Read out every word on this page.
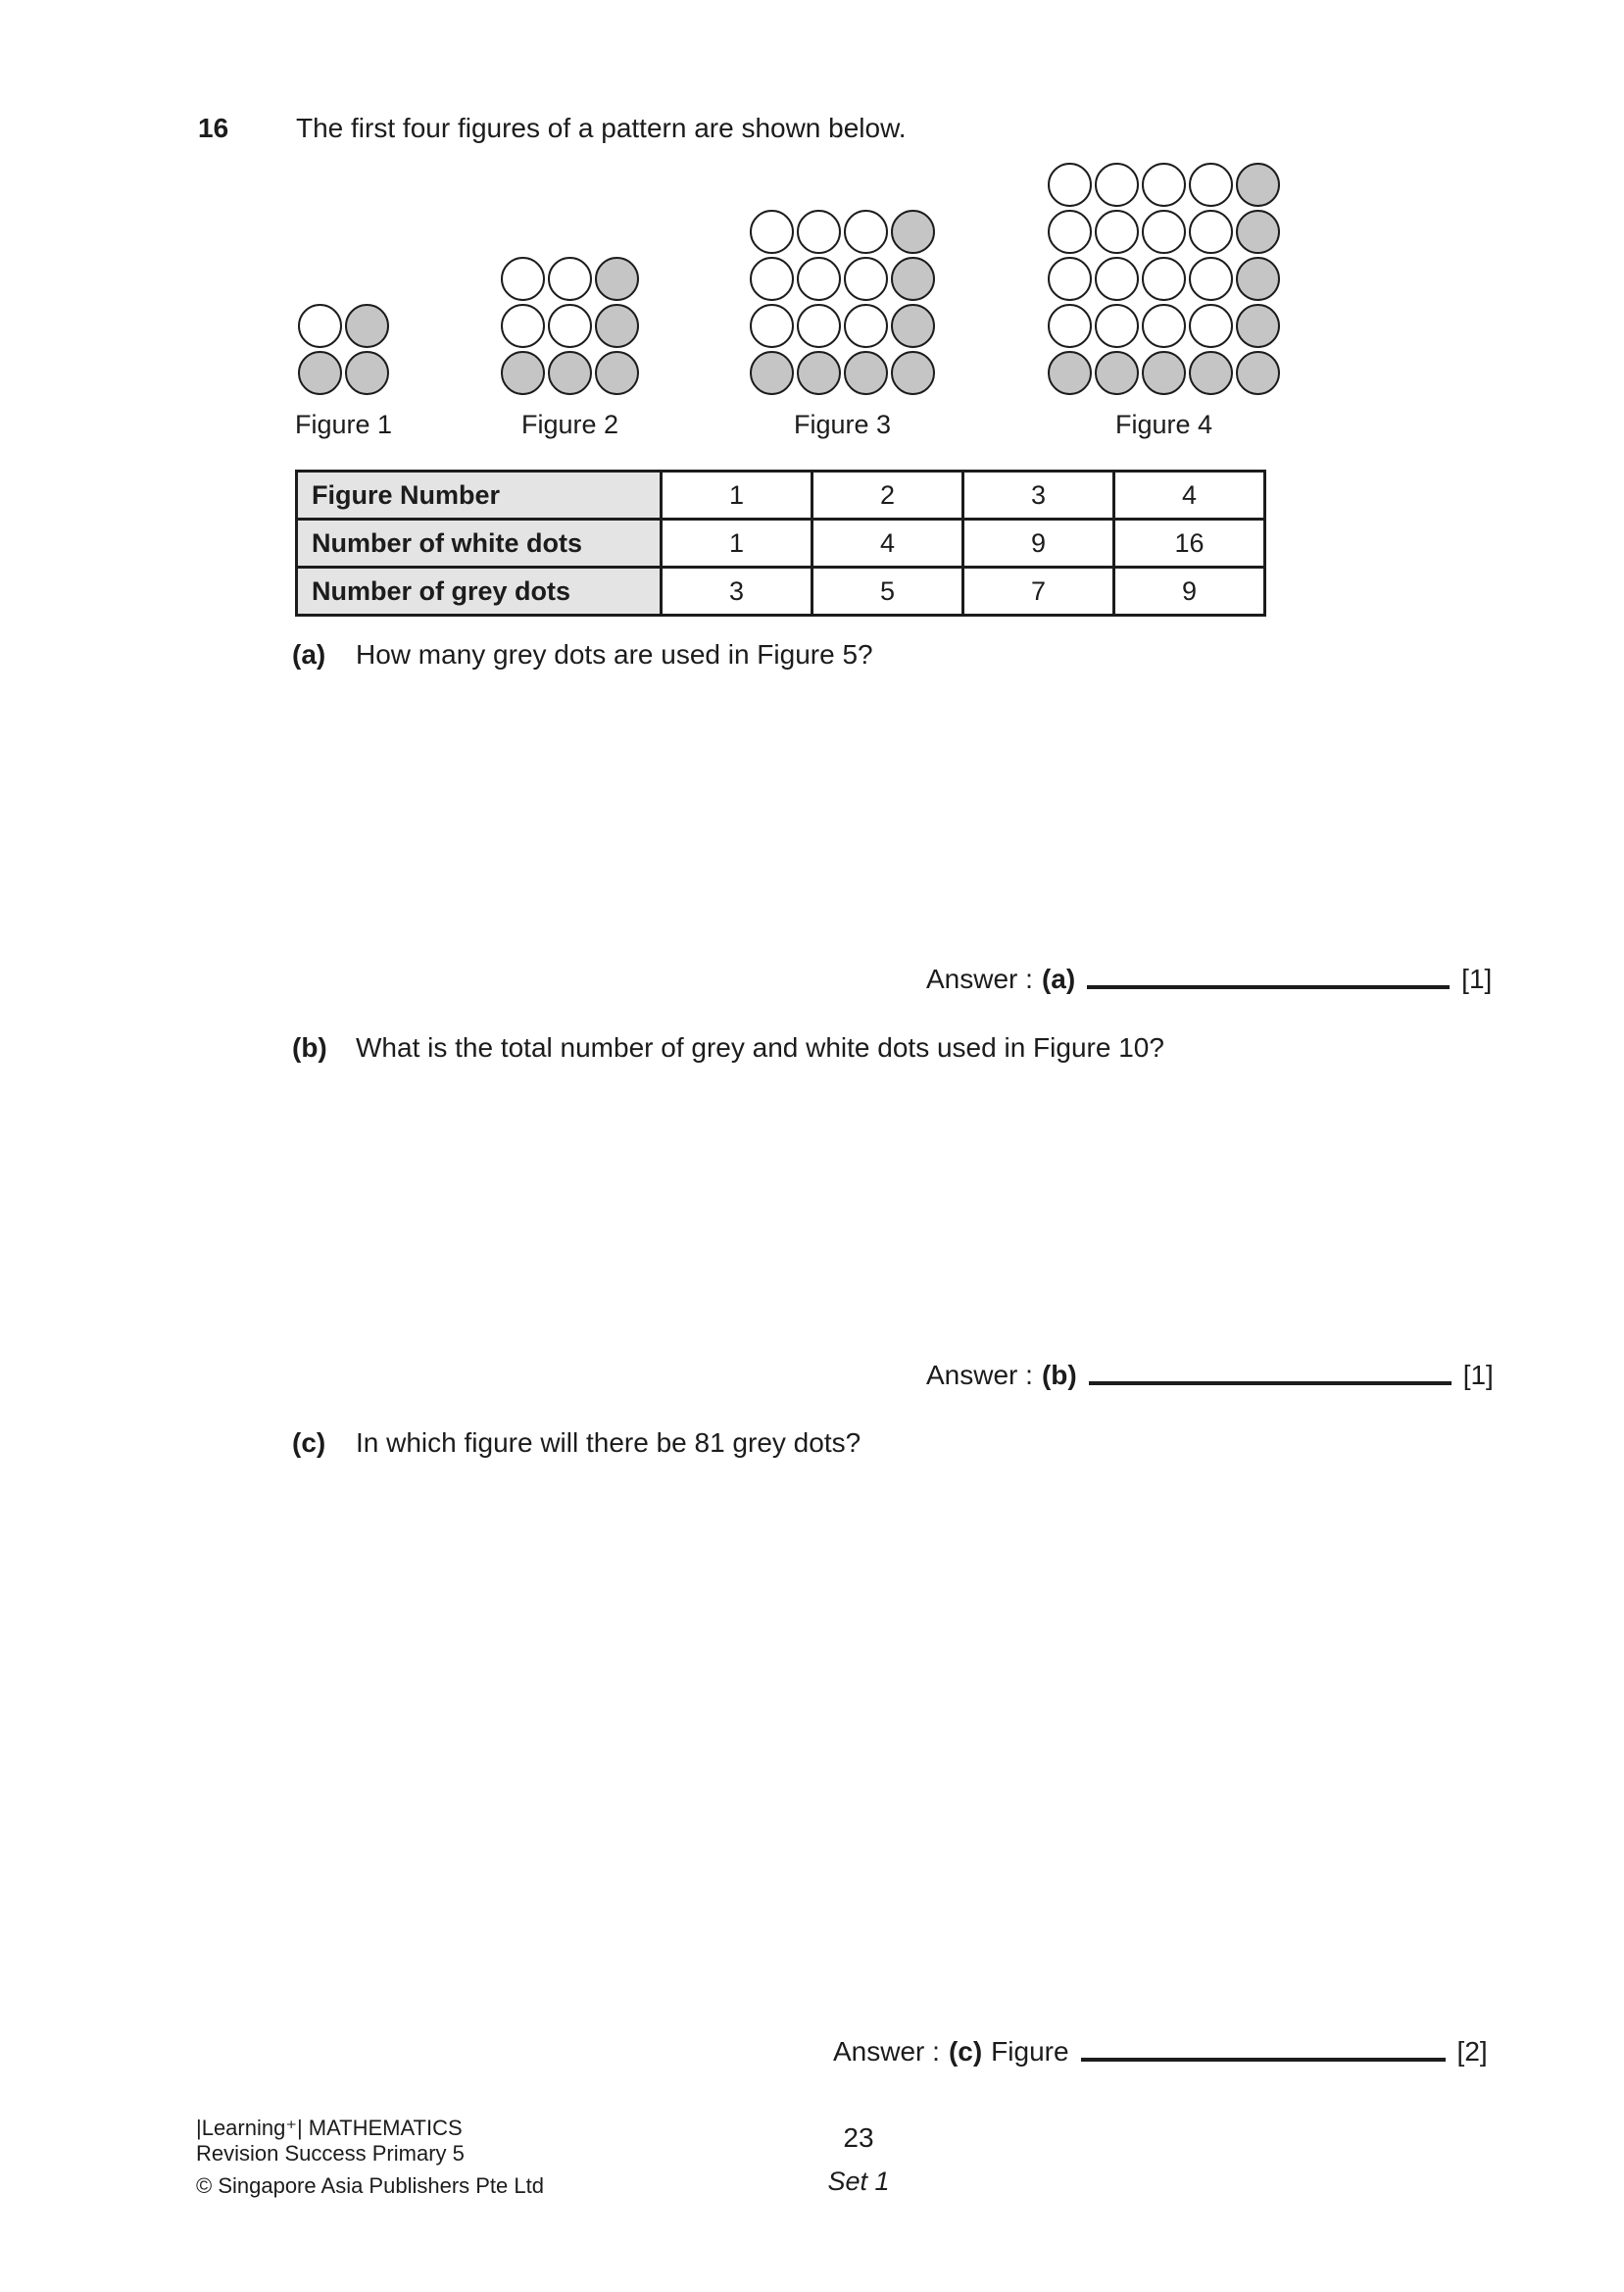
16 The first four figures of a pattern are shown below.
Figure 1	Figure 2	Figure 3	Figure 4
Figure Number	1	2	3	4
Number of white dots	1	4	9	16
Number of grey dots	3	5	7	9
(a) How many grey dots are used in Figure 5?
Answer : (a)	[1]
(b) What is the total number of grey and white dots used in Figure 10?
Answer : (b)	[1]
(c) In which figure will there be 81 grey dots?
Answer : (c) Figure	[2]
|Learning⁺| MATHEMATICS
Revision Success Primary 5
© Singapore Asia Publishers Pte Ltd
23
Set 1
